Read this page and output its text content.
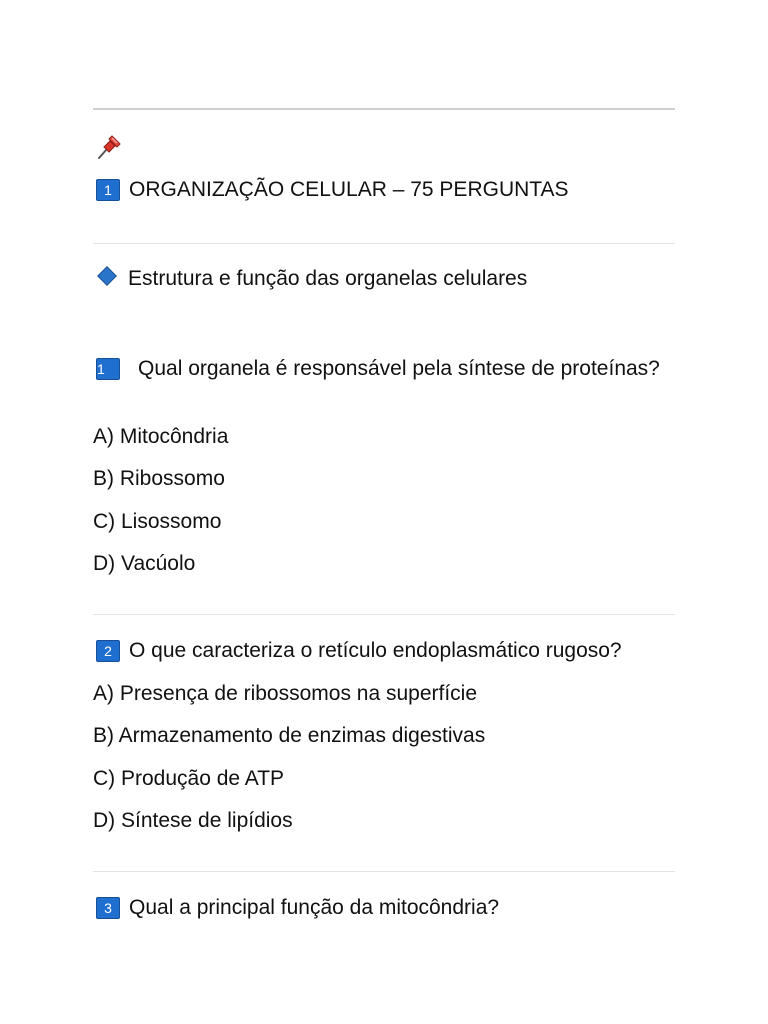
1 ORGANIZAÇÃO CELULAR – 75 PERGUNTAS
Estrutura e função das organelas celulares
1 Qual organela é responsável pela síntese de proteínas?
A) Mitocôndria
B) Ribossomo
C) Lisossomo
D) Vacúolo
2 O que caracteriza o retículo endoplasmático rugoso?
A) Presença de ribossomos na superfície
B) Armazenamento de enzimas digestivas
C) Produção de ATP
D) Síntese de lipídios
3 Qual a principal função da mitocôndria?
